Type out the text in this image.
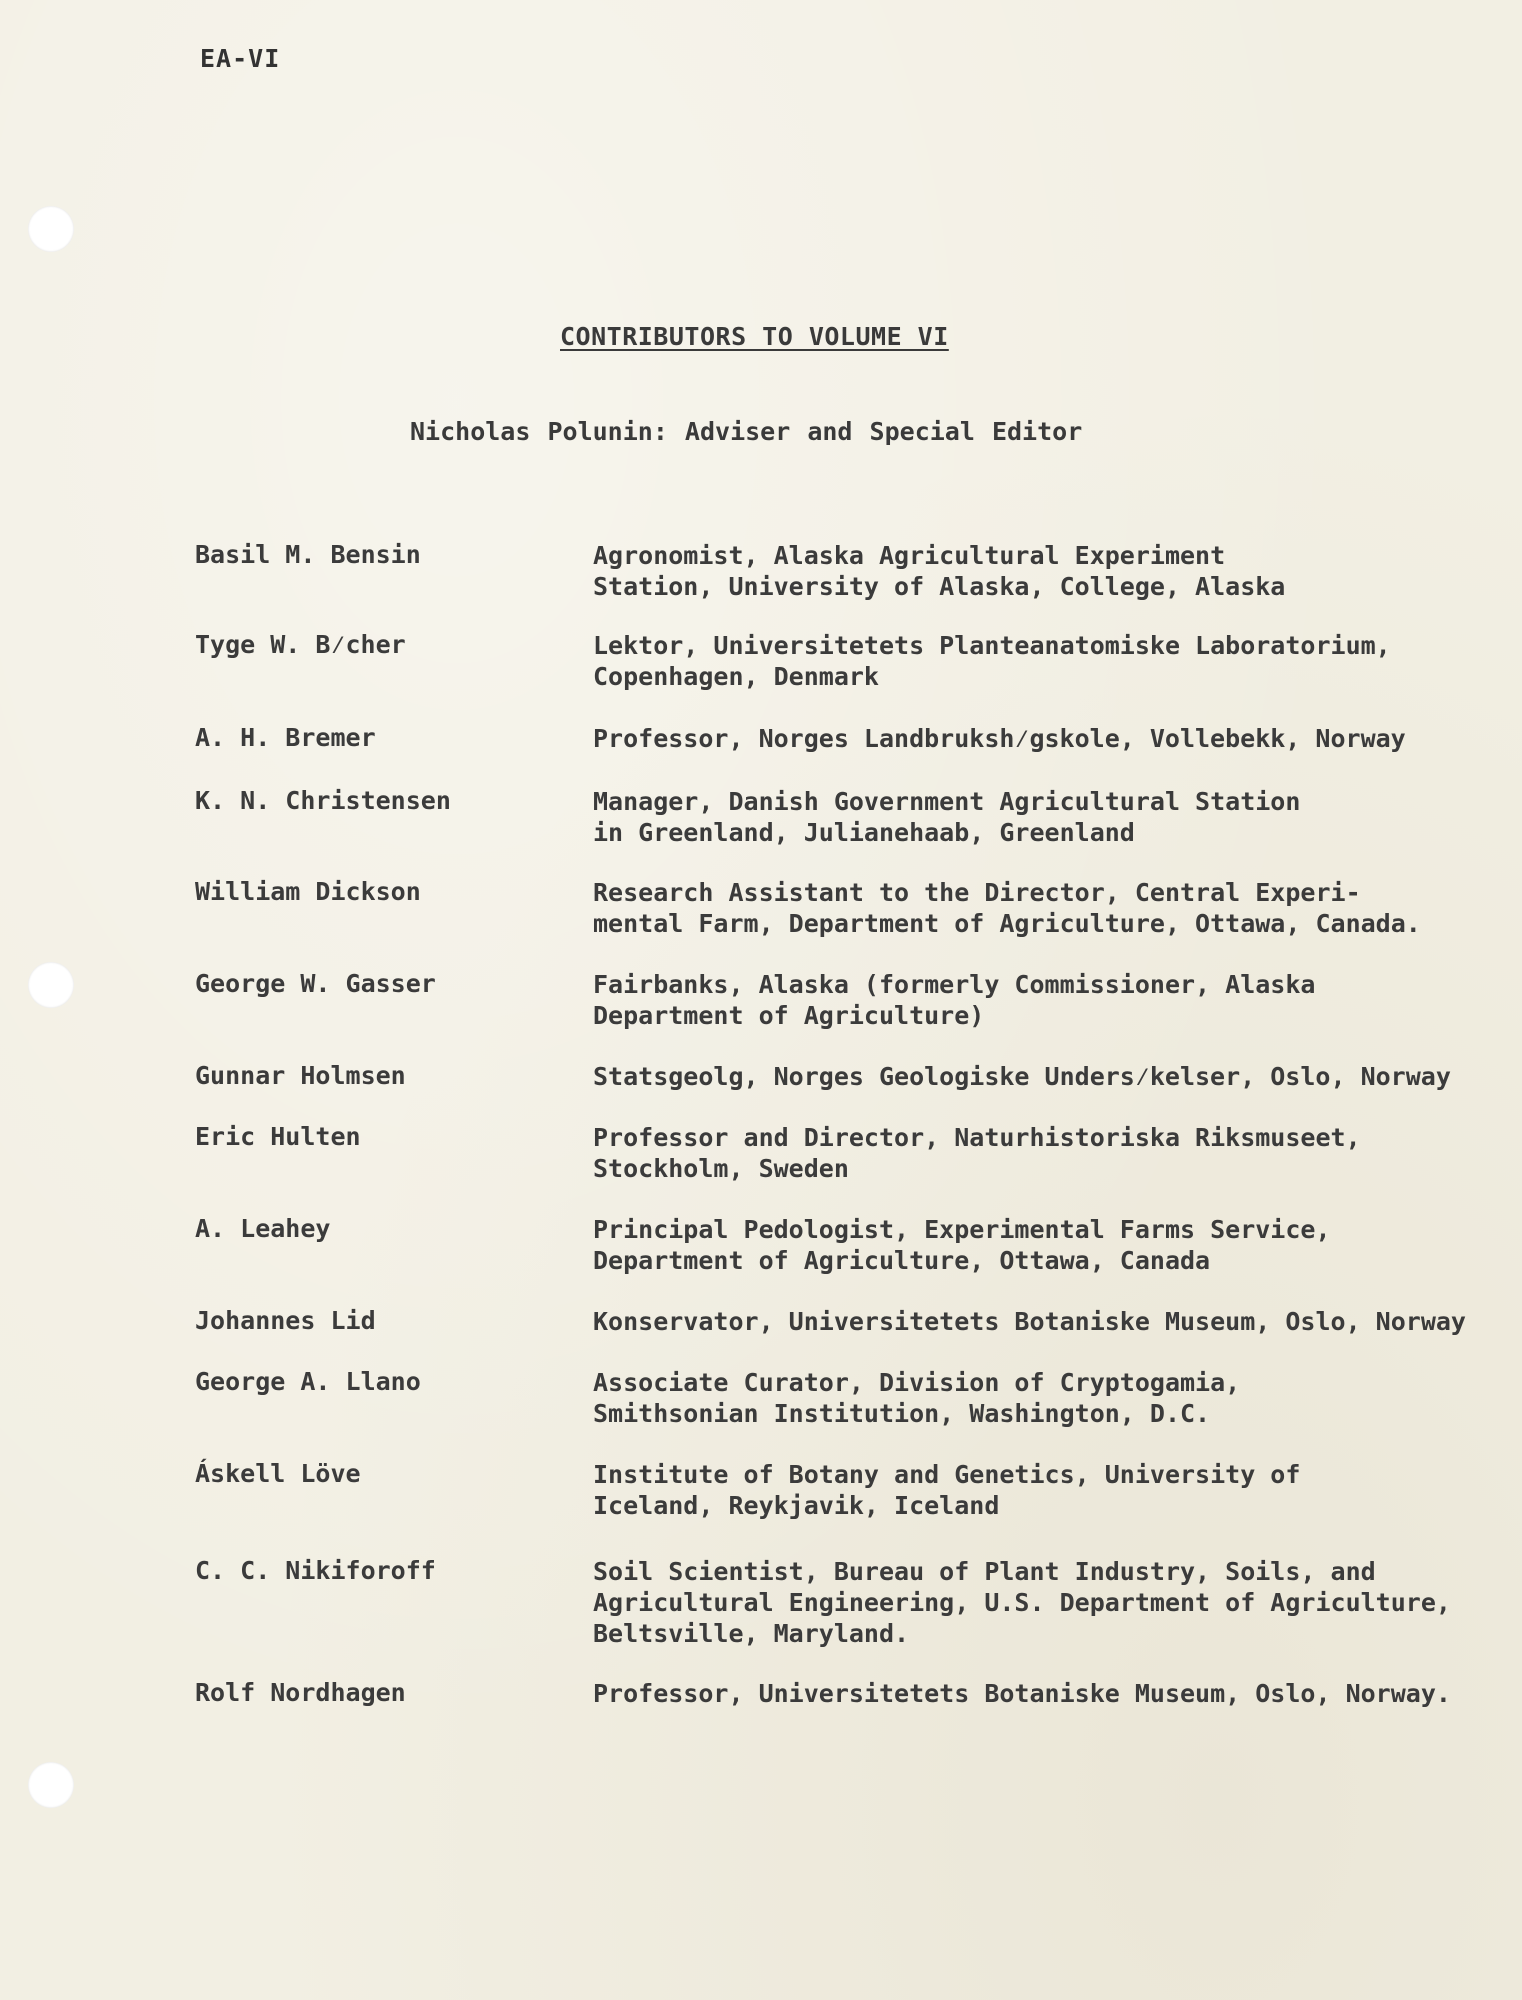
EA-VI
CONTRIBUTORS TO VOLUME VI
Nicholas Polunin: Adviser and Special Editor
Basil M. Bensin	Agronomist, Alaska Agricultural Experiment
Station, University of Alaska, College, Alaska
Tyge W. B⁄cher	Lektor, Universitetets Planteanatomiske Laboratorium,
Copenhagen, Denmark
A. H. Bremer	Professor, Norges Landbruksh⁄gskole, Vollebekk, Norway
K. N. Christensen	Manager, Danish Government Agricultural Station
in Greenland, Julianehaab, Greenland
William Dickson	Research Assistant to the Director, Central Experi-
mental Farm, Department of Agriculture, Ottawa, Canada.
George W. Gasser	Fairbanks, Alaska (formerly Commissioner, Alaska
Department of Agriculture)
Gunnar Holmsen	Statsgeolg, Norges Geologiske Unders⁄kelser, Oslo, Norway
Eric Hulten	Professor and Director, Naturhistoriska Riksmuseet,
Stockholm, Sweden
A. Leahey	Principal Pedologist, Experimental Farms Service,
Department of Agriculture, Ottawa, Canada
Johannes Lid	Konservator, Universitetets Botaniske Museum, Oslo, Norway
George A. Llano	Associate Curator, Division of Cryptogamia,
Smithsonian Institution, Washington, D.C.
Áskell Löve	Institute of Botany and Genetics, University of
Iceland, Reykjavik, Iceland
C. C. Nikiforoff	Soil Scientist, Bureau of Plant Industry, Soils, and
Agricultural Engineering, U.S. Department of Agriculture,
Beltsville, Maryland.
Rolf Nordhagen	Professor, Universitetets Botaniske Museum, Oslo, Norway.
